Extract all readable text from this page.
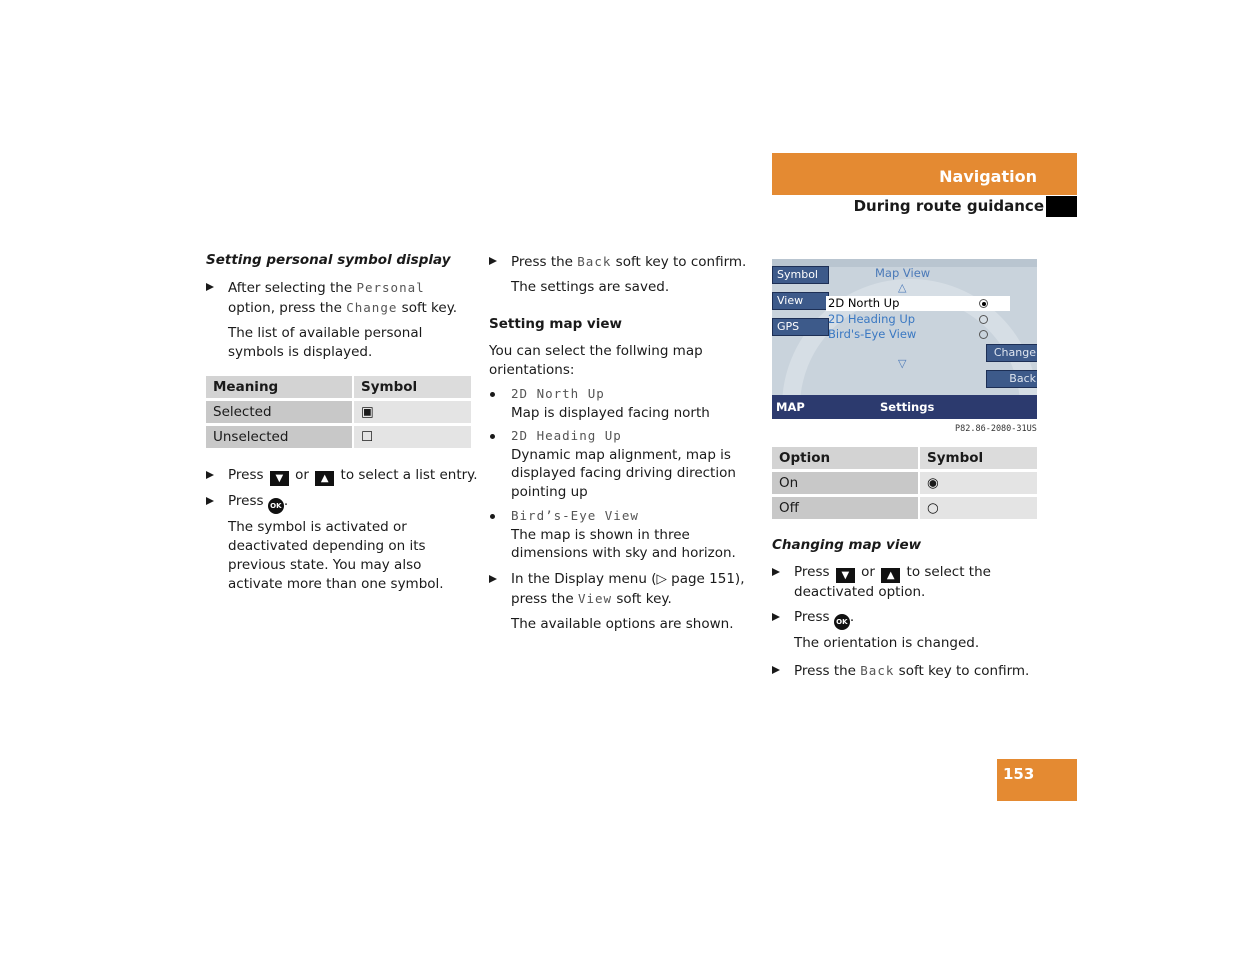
Navigation
During route guidance
Setting personal symbol display
After selecting the Personal option, press the Change soft key.
The list of available personal symbols is displayed.
Meaning	Symbol
Selected	▣
Unselected	☐
Press ▼ or ▲ to select a list entry.
Press OK .
The symbol is activated or deactivated depending on its previous state. You may also activate more than one symbol.
Press the Back soft key to confirm.
The settings are saved.
Setting map view
You can select the follwing map orientations:
2D North Up
Map is displayed facing north
2D Heading Up
Dynamic map alignment, map is displayed facing driving direction pointing up
Bird’s-Eye View
The map is shown in three dimensions with sky and horizon.
In the Display menu (▷ page 151), press the View soft key.
The available options are shown.
Map View
△
Symbol
View
GPS
2D North Up
2D Heading Up
Bird's-Eye View
Change
▽
Back
MAP	Settings
P82.86-2080-31US
Option	Symbol
On	◉
Off	○
Changing map view
Press ▼ or ▲ to select the deactivated option.
Press OK .
The orientation is changed.
Press the Back soft key to confirm.
153
